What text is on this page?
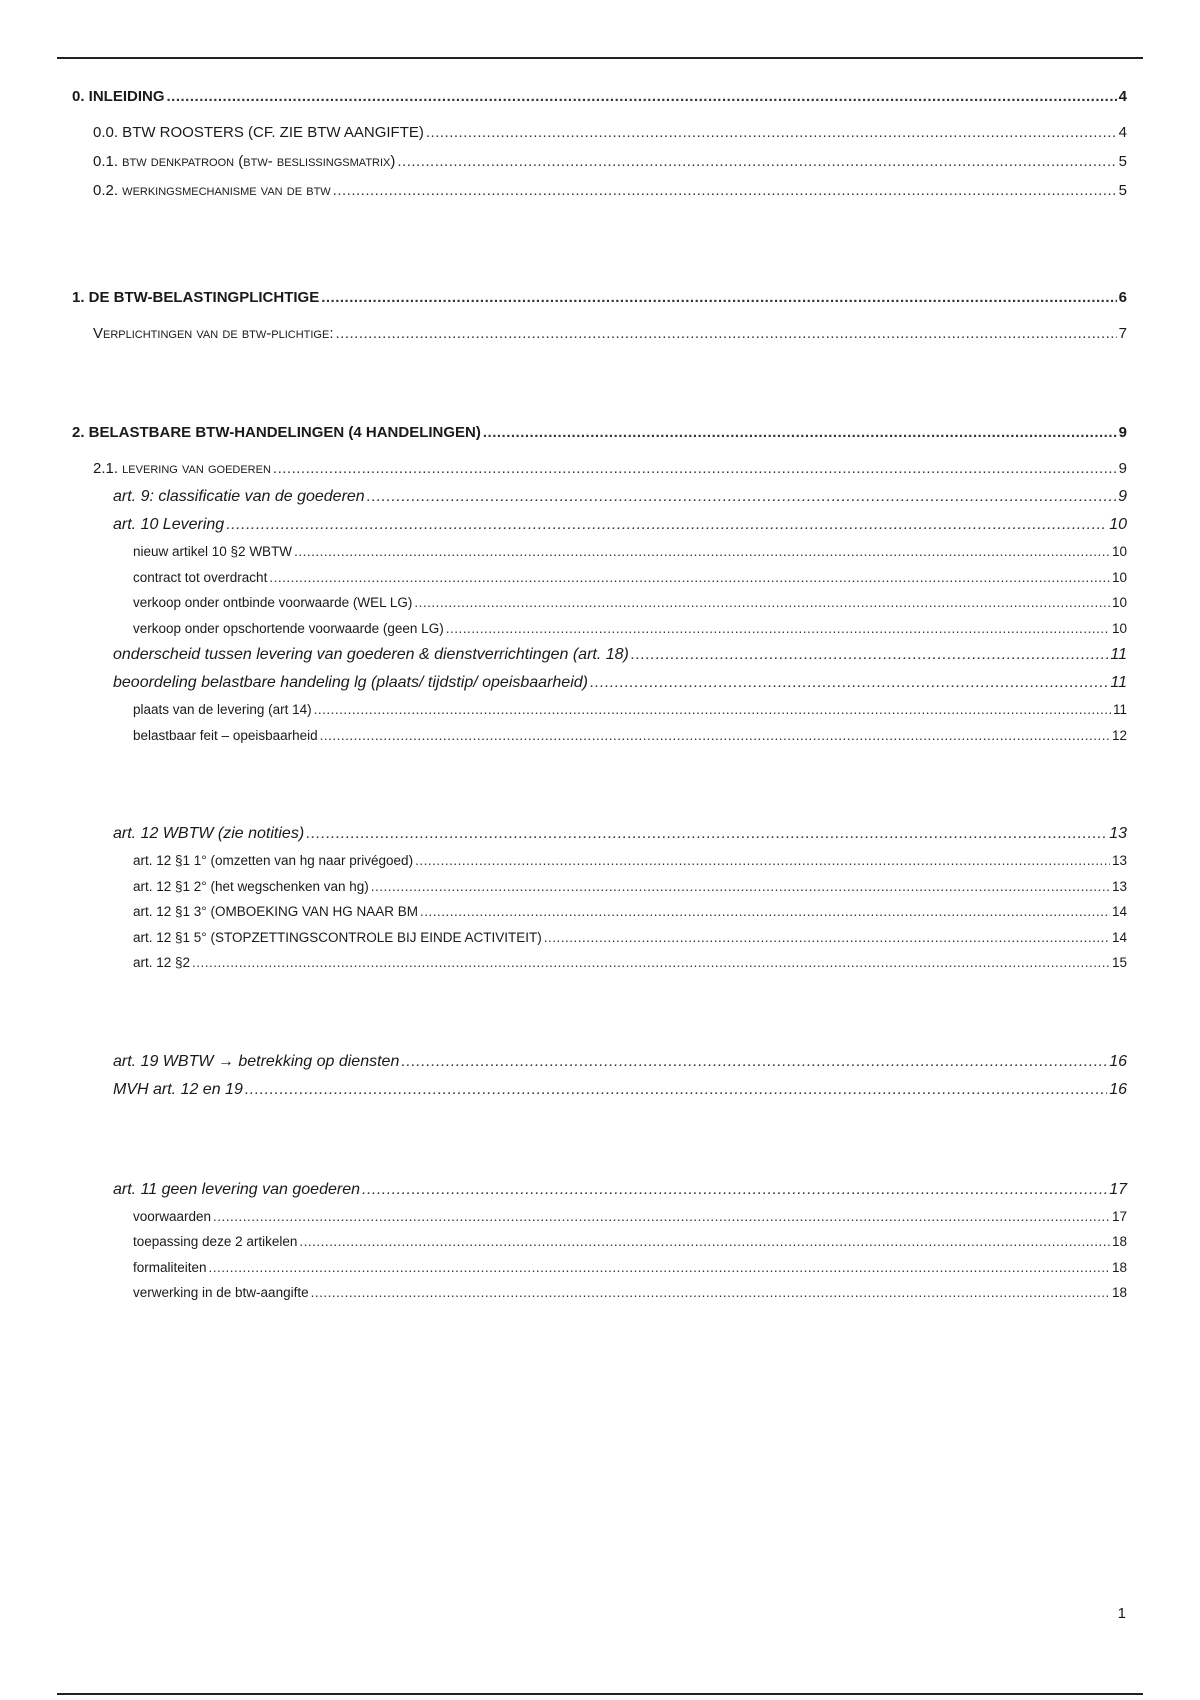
0. INLEIDING .....	4
0.0. BTW ROOSTERS (CF. ZIE BTW AANGIFTE) .....	4
0.1. btw denkpatroon (btw- beslissingsmatrix) .....	5
0.2. werkingsmechanisme van de btw .....	5
1. DE BTW-BELASTINGPLICHTIGE .....	6
Verplichtingen van de btw-plichtige: .....	7
2. BELASTBARE BTW-HANDELINGEN (4 HANDELINGEN) .....	9
2.1. levering van goederen .....	9
art. 9: classificatie van de goederen .....	9
art. 10 Levering .....	10
nieuw artikel 10 §2 WBTW .....	10
contract tot overdracht .....	10
verkoop onder ontbinde voorwaarde (WEL LG) .....	10
verkoop onder opschortende voorwaarde (geen LG) .....	10
onderscheid tussen levering van goederen & dienstverrichtingen (art. 18) .....	11
beoordeling belastbare handeling lg (plaats/ tijdstip/ opeisbaarheid) .....	11
plaats van de levering (art 14) .....	11
belastbaar feit – opeisbaarheid .....	12
art. 12 WBTW (zie notities) .....	13
art. 12 §1 1° (omzetten van hg naar privégoed) .....	13
art. 12 §1 2° (het wegschenken van hg) .....	13
art. 12 §1 3° (OMBOEKING VAN HG NAAR BM .....	14
art. 12 §1 5° (STOPZETTINGSCONTROLE BIJ EINDE ACTIVITEIT) .....	14
art. 12 §2 .....	15
art. 19 WBTW → betrekking op diensten .....	16
MVH art. 12 en 19 .....	16
art. 11 geen levering van goederen .....	17
voorwaarden .....	17
toepassing deze 2 artikelen .....	18
formaliteiten .....	18
verwerking in de btw-aangifte .....	18
1
